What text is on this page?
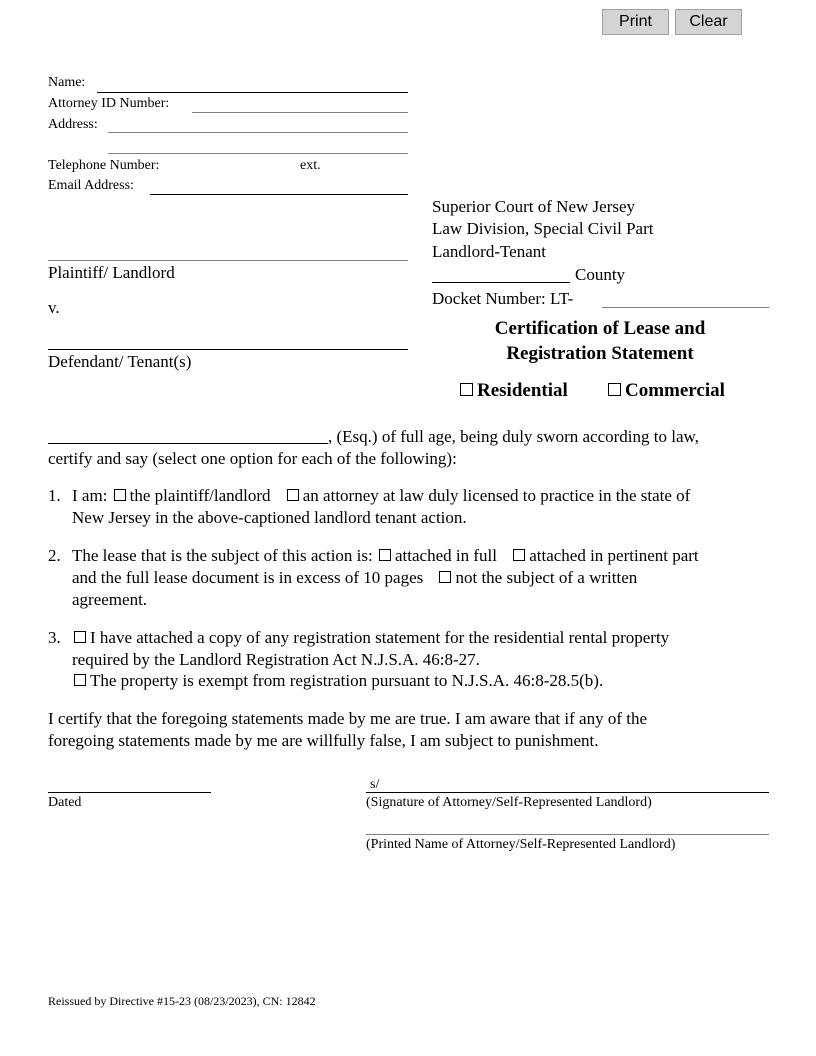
Print	Clear
Name:
Attorney ID Number:
Address:
Telephone Number:	ext.
Email Address:
Plaintiff/ Landlord
v.
Defendant/ Tenant(s)
Superior Court of New Jersey
Law Division, Special Civil Part
Landlord-Tenant
County
Docket Number: LT-
Certification of Lease and
Registration Statement
Residential	Commercial
, (Esq.) of full age, being duly sworn according to law,
certify and say (select one option for each of the following):
1. I am: the plaintiff/landlord an attorney at law duly licensed to practice in the state of
New Jersey in the above-captioned landlord tenant action.
2. The lease that is the subject of this action is: attached in full attached in pertinent part
and the full lease document is in excess of 10 pages not the subject of a written
agreement.
3.	I have attached a copy of any registration statement for the residential rental property
required by the Landlord Registration Act N.J.S.A. 46:8-27.
The property is exempt from registration pursuant to N.J.S.A. 46:8-28.5(b).
I certify that the foregoing statements made by me are true. I am aware that if any of the
foregoing statements made by me are willfully false, I am subject to punishment.
Dated
s/
(Signature of Attorney/Self-Represented Landlord)
(Printed Name of Attorney/Self-Represented Landlord)
Reissued by Directive #15-23 (08/23/2023), CN: 12842
